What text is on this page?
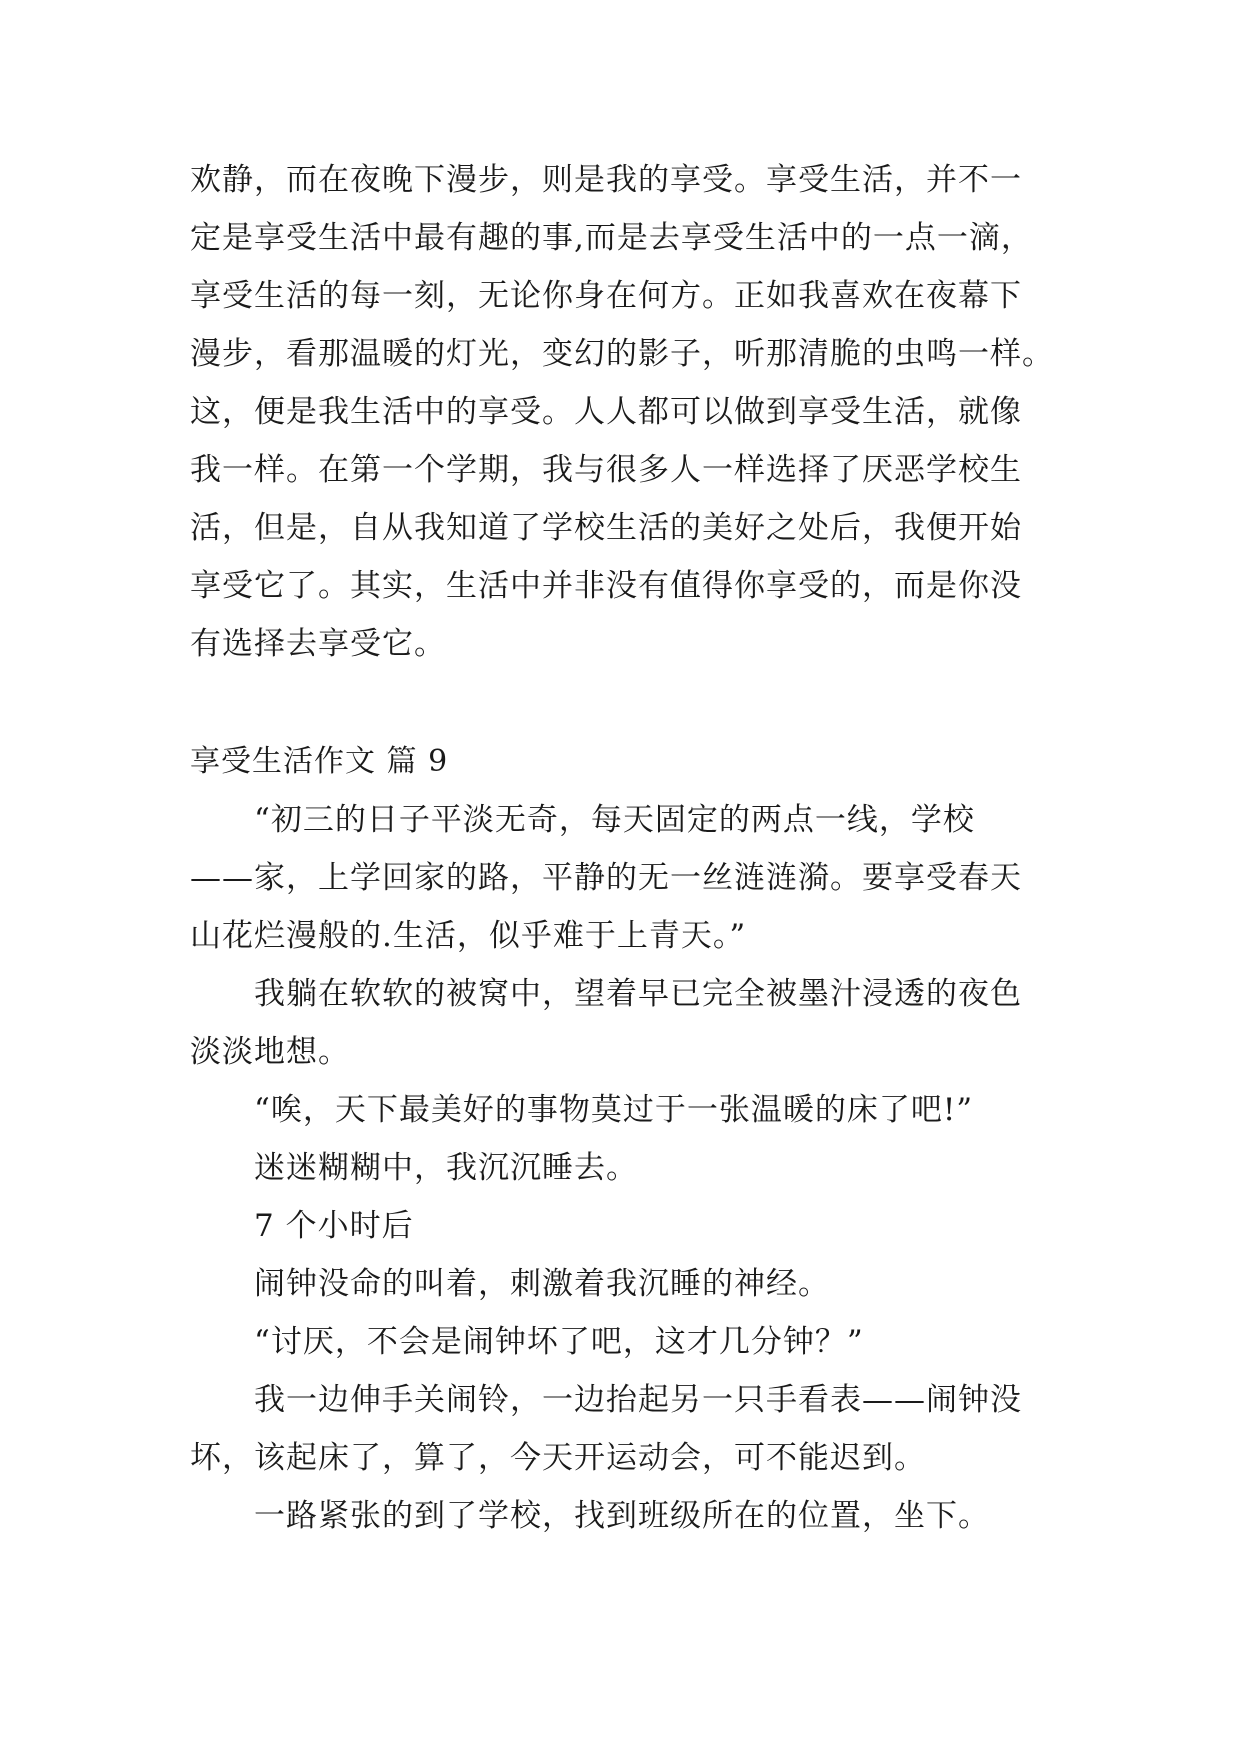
欢静，而在夜晚下漫步，则是我的享受。享受生活，并不一

定是享受生活中最有趣的事,而是去享受生活中的一点一滴，

享受生活的每一刻，无论你身在何方。正如我喜欢在夜幕下

漫步，看那温暖的灯光，变幻的影子，听那清脆的虫鸣一样。

这，便是我生活中的享受。人人都可以做到享受生活，就像

我一样。在第一个学期，我与很多人一样选择了厌恶学校生

活，但是，自从我知道了学校生活的美好之处后，我便开始

享受它了。其实，生活中并非没有值得你享受的，而是你没

有选择去享受它。

享受生活作文 篇 9

“初三的日子平淡无奇，每天固定的两点一线，学校

——家，上学回家的路，平静的无一丝涟涟漪。要享受春天

山花烂漫般的.生活，似乎难于上青天。”

我躺在软软的被窝中，望着早已完全被墨汁浸透的夜色

淡淡地想。

“唉，天下最美好的事物莫过于一张温暖的床了吧!”

迷迷糊糊中，我沉沉睡去。

7 个小时后

闹钟没命的叫着，刺激着我沉睡的神经。

“讨厌，不会是闹钟坏了吧，这才几分钟？”

我一边伸手关闹铃，一边抬起另一只手看表——闹钟没

坏，该起床了，算了，今天开运动会，可不能迟到。

一路紧张的到了学校，找到班级所在的位置，坐下。
